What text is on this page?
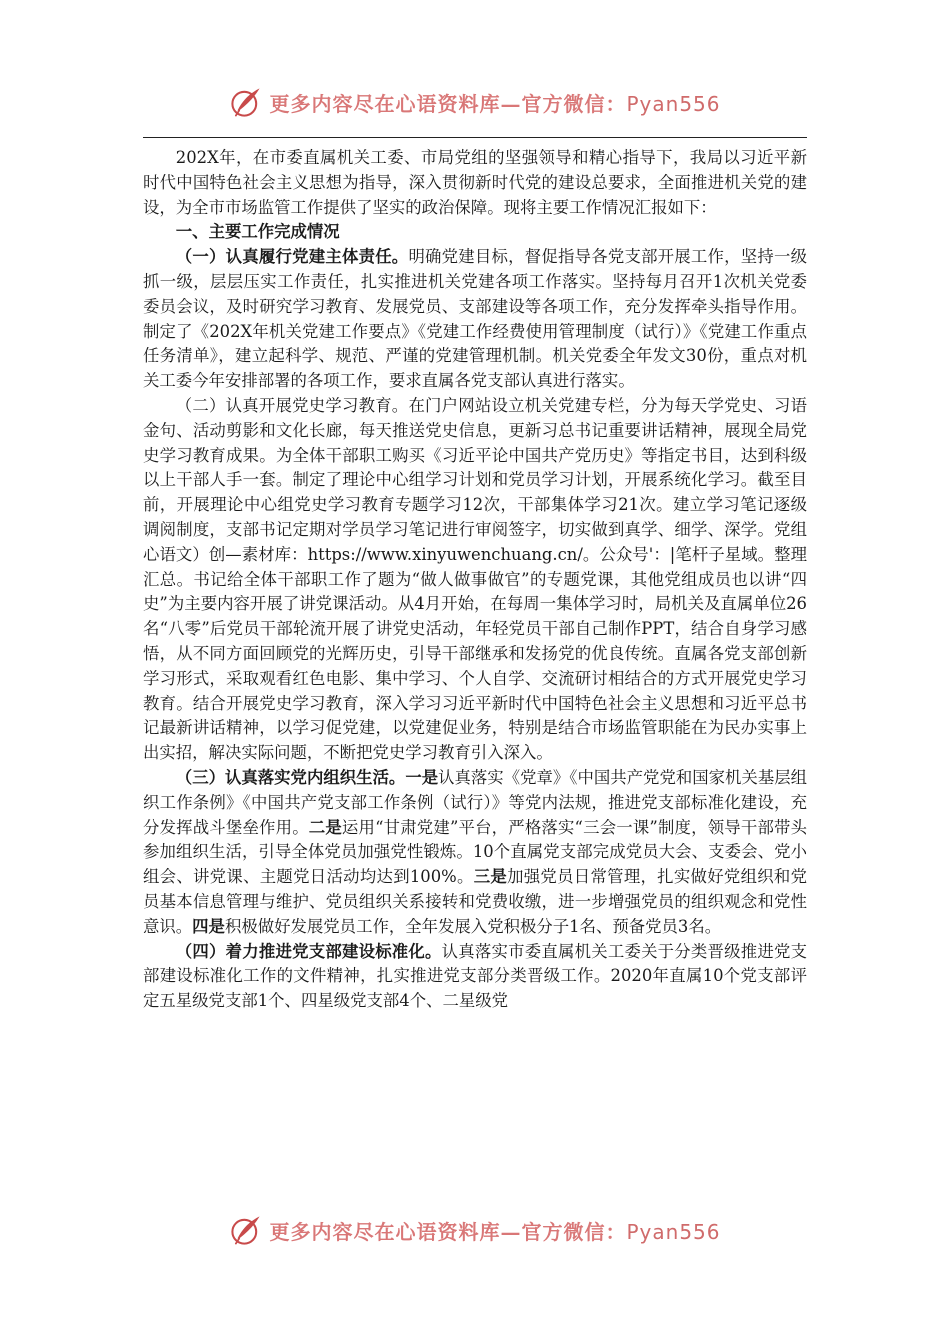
更多内容尽在心语资料库—官方微信：Pyan556

202X年，在市委直属机关工委、市局党组的坚强领导和精心指导下，我局以习近平新时代中国特色社会主义思想为指导，深入贯彻新时代党的建设总要求，全面推进机关党的建设，为全市市场监管工作提供了坚实的政治保障。现将主要工作情况汇报如下：

一、主要工作完成情况

（一）认真履行党建主体责任。明确党建目标，督促指导各党支部开展工作，坚持一级抓一级，层层压实工作责任，扎实推进机关党建各项工作落实。坚持每月召开1次机关党委委员会议，及时研究学习教育、发展党员、支部建设等各项工作，充分发挥牵头指导作用。制定了《202X年机关党建工作要点》《党建工作经费使用管理制度（试行）》《党建工作重点任务清单》，建立起科学、规范、严谨的党建管理机制。机关党委全年发文30份，重点对机关工委今年安排部署的各项工作，要求直属各党支部认真进行落实。

（二）认真开展党史学习教育。在门户网站设立机关党建专栏，分为每天学党史、习语金句、活动剪影和文化长廊，每天推送党史信息，更新习总书记重要讲话精神，展现全局党史学习教育成果。为全体干部职工购买《习近平论中国共产党历史》等指定书目，达到科级以上干部人手一套。制定了理论中心组学习计划和党员学习计划，开展系统化学习。截至目前，开展理论中心组党史学习教育专题学习12次，干部集体学习21次。建立学习笔记逐级调阅制度，支部书记定期对学员学习笔记进行审阅签字，切实做到真学、细学、深学。党组心语文）创—素材库：https://www.xinyuwenchuang.cn/。公众号'：|笔杆子星域。整理汇总。书记给全体干部职工作了题为“做人做事做官”的专题党课，其他党组成员也以讲“四史”为主要内容开展了讲党课活动。从4月开始，在每周一集体学习时，局机关及直属单位26名“八零”后党员干部轮流开展了讲党史活动，年轻党员干部自己制作PPT，结合自身学习感悟，从不同方面回顾党的光辉历史，引导干部继承和发扬党的优良传统。直属各党支部创新学习形式，采取观看红色电影、集中学习、个人自学、交流研讨相结合的方式开展党史学习教育。结合开展党史学习教育，深入学习习近平新时代中国特色社会主义思想和习近平总书记最新讲话精神，以学习促党建，以党建促业务，特别是结合市场监管职能在为民办实事上出实招，解决实际问题，不断把党史学习教育引入深入。

（三）认真落实党内组织生活。一是认真落实《党章》《中国共产党党和国家机关基层组织工作条例》《中国共产党支部工作条例（试行）》等党内法规，推进党支部标准化建设，充分发挥战斗堡垒作用。二是运用“甘肃党建”平台，严格落实“三会一课”制度，领导干部带头参加组织生活，引导全体党员加强党性锻炼。10个直属党支部完成党员大会、支委会、党小组会、讲党课、主题党日活动均达到100%。三是加强党员日常管理，扎实做好党组织和党员基本信息管理与维护、党员组织关系接转和党费收缴，进一步增强党员的组织观念和党性意识。四是积极做好发展党员工作，全年发展入党积极分子1名、预备党员3名。

（四）着力推进党支部建设标准化。认真落实市委直属机关工委关于分类晋级推进党支部建设标准化工作的文件精神，扎实推进党支部分类晋级工作。2020年直属10个党支部评定五星级党支部1个、四星级党支部4个、二星级党

更多内容尽在心语资料库—官方微信：Pyan556
